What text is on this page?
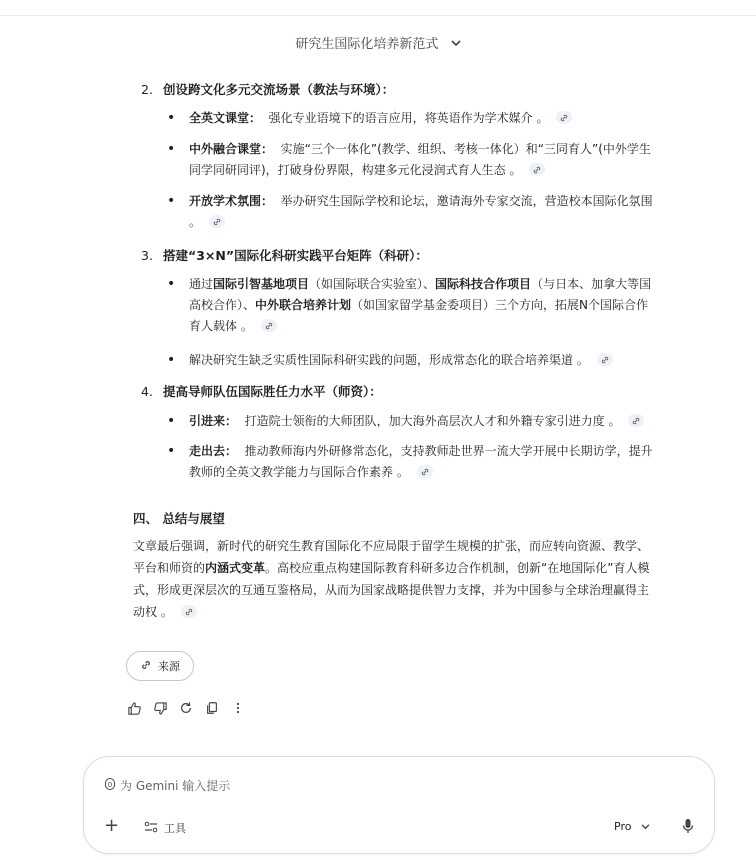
研究生国际化培养新范式
2. 创设跨文化多元交流场景（教法与环境）：
• 全英文课堂： 强化专业语境下的语言应用，将英语作为学术媒介 。
• 中外融合课堂： 实施“三个一体化”(教学、组织、考核一体化）和“三同育人”(中外学生
同学同研同评)，打破身份界限，构建多元化浸润式育人生态 。
• 开放学术氛围： 举办研究生国际学校和论坛，邀请海外专家交流，营造校本国际化氛围
。
3. 搭建“3×N”国际化科研实践平台矩阵（科研）：
• 通过国际引智基地项目（如国际联合实验室）、国际科技合作项目（与日本、加拿大等国
高校合作）、中外联合培养计划（如国家留学基金委项目）三个方向，拓展N个国际合作
育人载体 。
• 解决研究生缺乏实质性国际科研实践的问题，形成常态化的联合培养渠道 。
4. 提高导师队伍国际胜任力水平（师资）：
• 引进来： 打造院士领衔的大师团队，加大海外高层次人才和外籍专家引进力度 。
• 走出去： 推动教师海内外研修常态化，支持教师赴世界一流大学开展中长期访学，提升
教师的全英文教学能力与国际合作素养 。
四、 总结与展望
文章最后强调，新时代的研究生教育国际化不应局限于留学生规模的扩张，而应转向资源、教学、
平台和师资的内涵式变革。高校应重点构建国际教育科研多边合作机制，创新“在地国际化”育人模
式，形成更深层次的互通互鉴格局，从而为国家战略提供智力支撑，并为中国参与全球治理赢得主
动权 。
来源
0 为 Gemini 输入提示
+	工具	Pro
